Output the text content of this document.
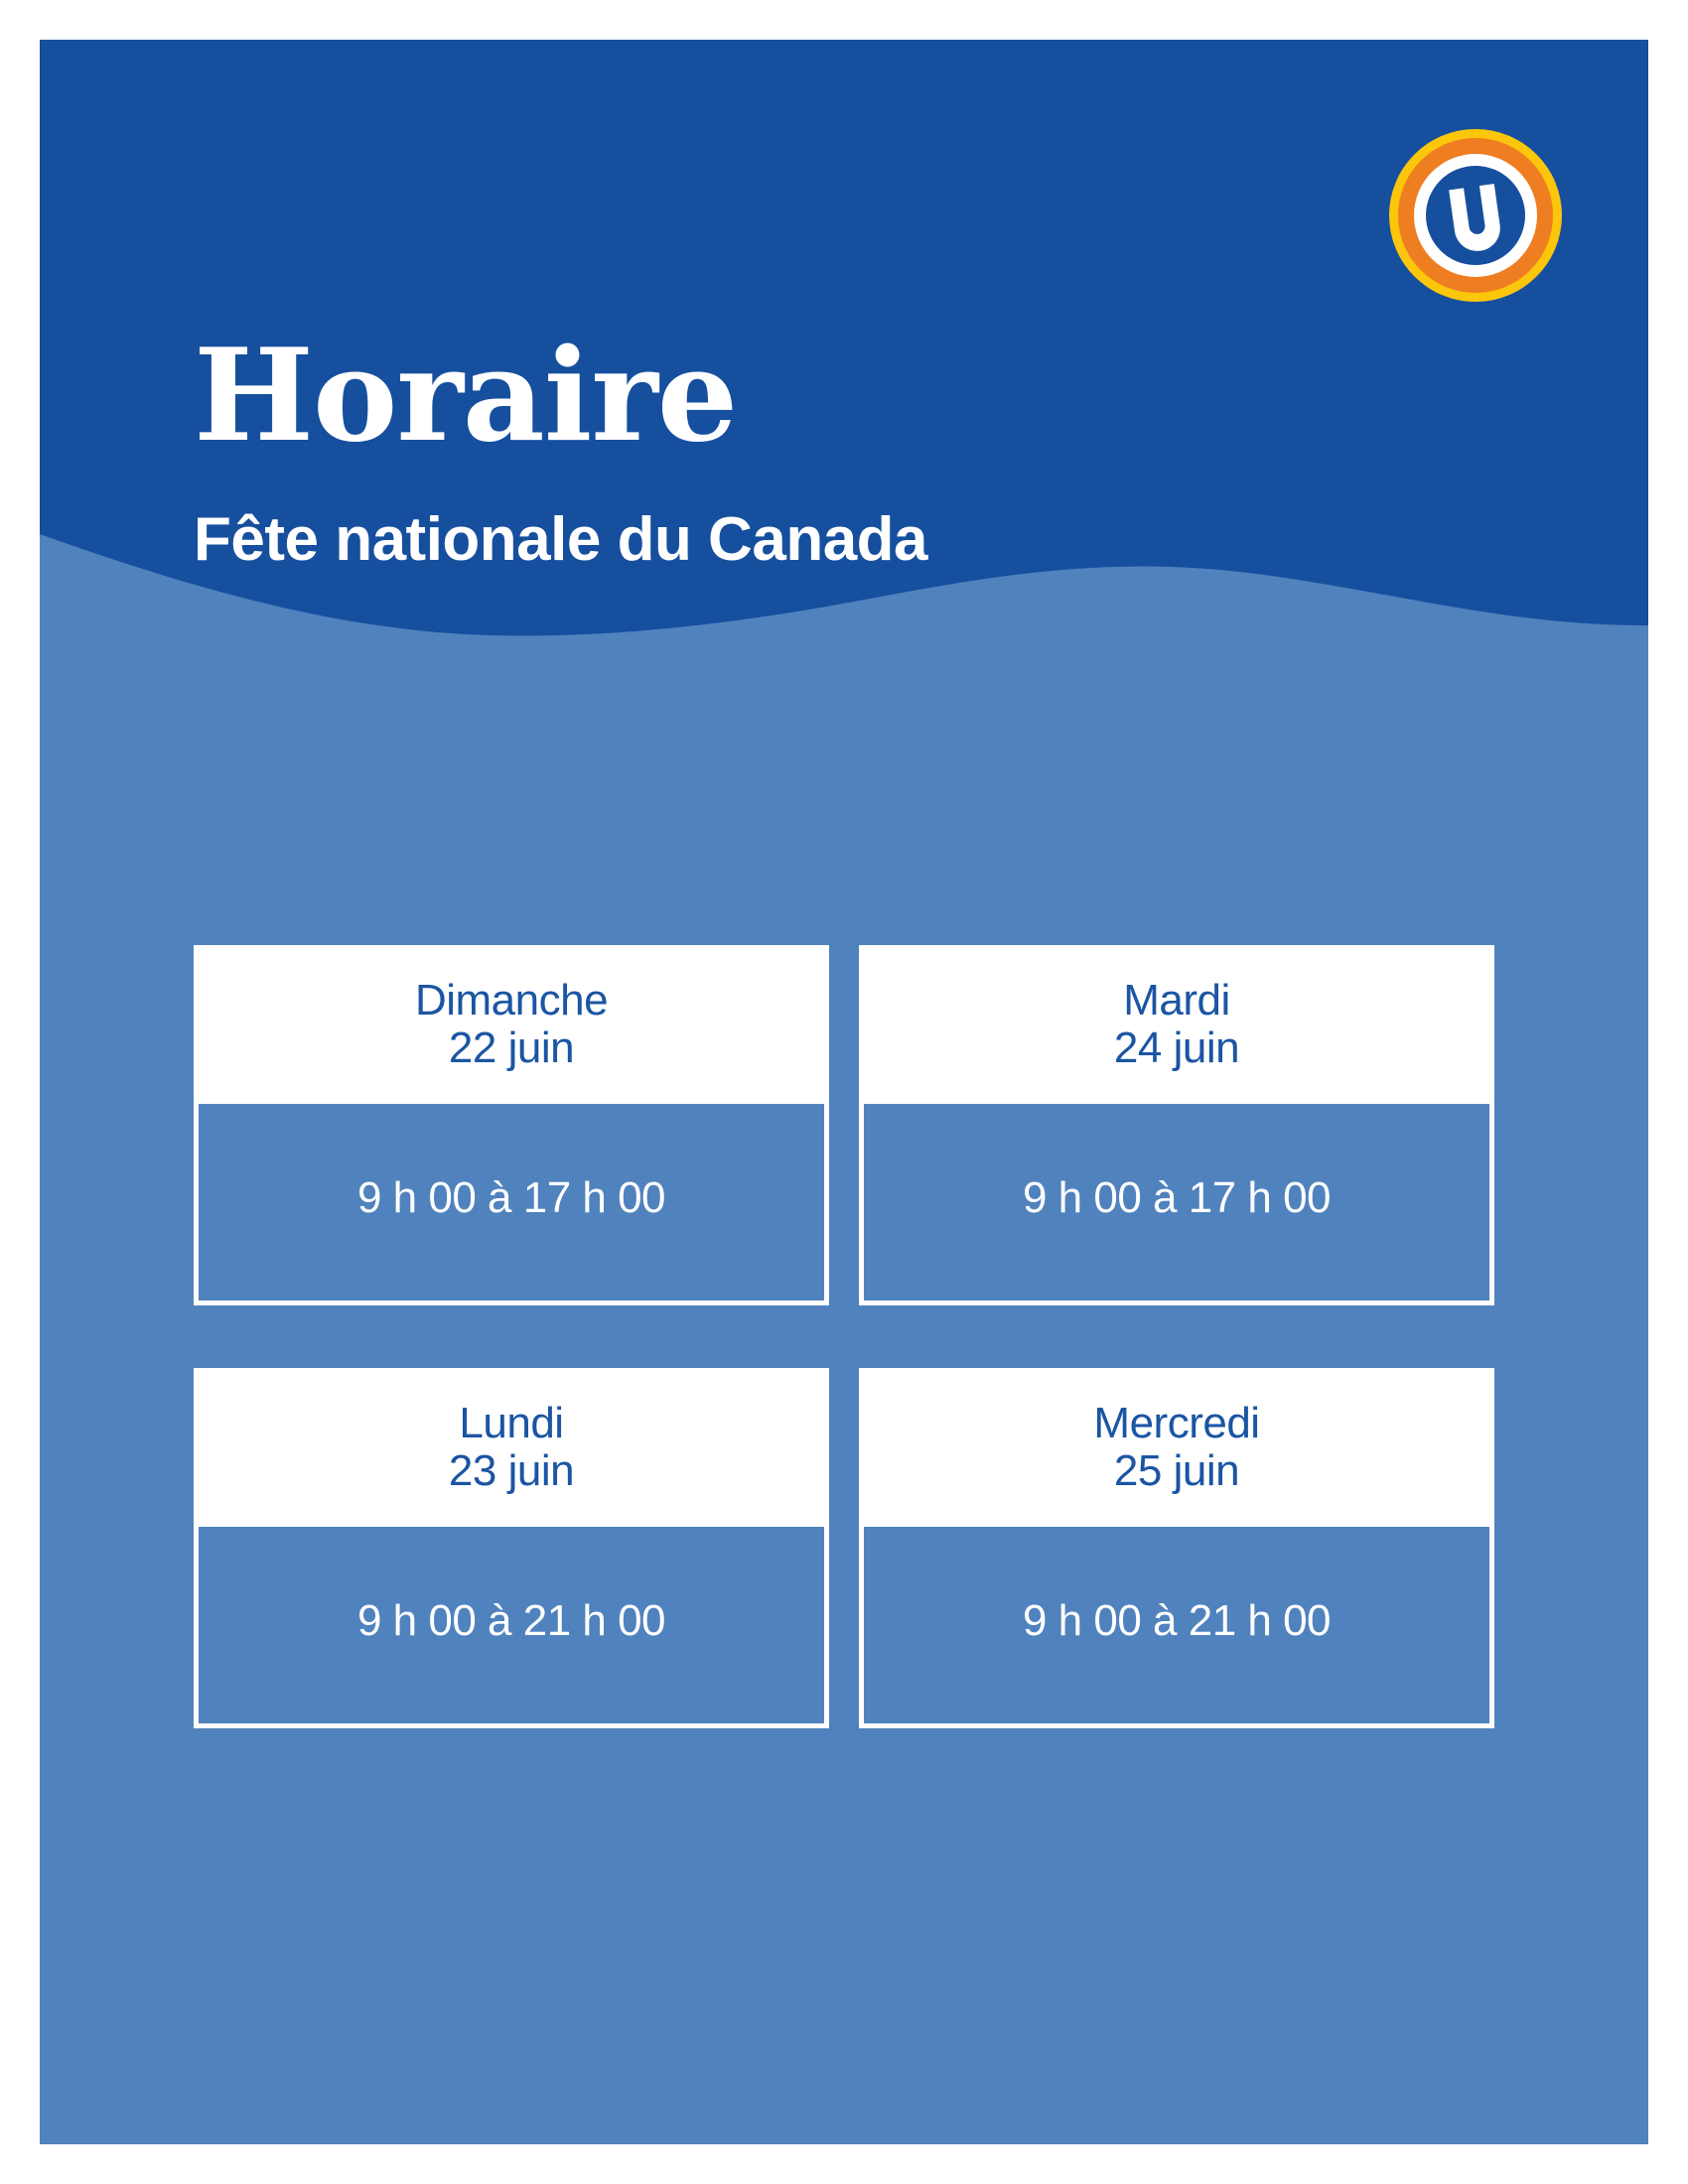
Horaire
Fête nationale du Canada
Dimanche
22 juin
9 h 00 à 17 h 00
Mardi
24 juin
9 h 00 à 17 h 00
Lundi
23 juin
9 h 00 à 21 h 00
Mercredi
25 juin
9 h 00 à 21 h 00
